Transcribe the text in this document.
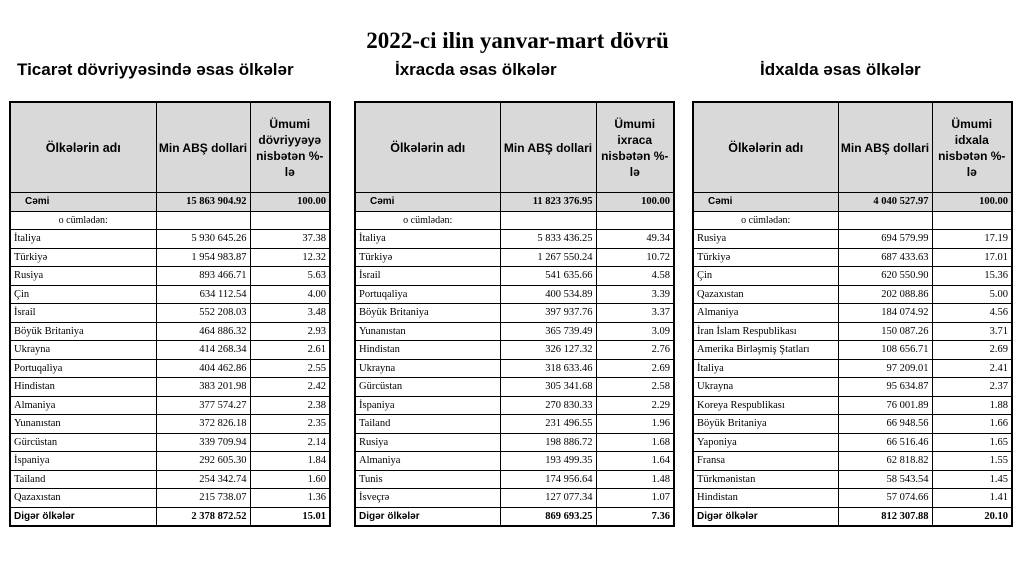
2022-ci ilin yanvar-mart dövrü
Ticarət dövriyyəsində əsas ölkələr	İxracda əsas ölkələr	İdxalda əsas ölkələr
Ölkələrin adı	Min ABŞ dollarі	Ümumi dövriyyəyə nisbətən %-lə
Cəmi	15 863 904.92	100.00
o cümlədən:		
İtaliya	5 930 645.26	37.38
Türkiyə	1 954 983.87	12.32
Rusiya	893 466.71	5.63
Çin	634 112.54	4.00
İsrail	552 208.03	3.48
Böyük Britaniya	464 886.32	2.93
Ukrayna	414 268.34	2.61
Portuqaliya	404 462.86	2.55
Hindistan	383 201.98	2.42
Almaniya	377 574.27	2.38
Yunanıstan	372 826.18	2.35
Gürcüstan	339 709.94	2.14
İspaniya	292 605.30	1.84
Tailand	254 342.74	1.60
Qazaxıstan	215 738.07	1.36
Digər ölkələr	2 378 872.52	15.01
Ölkələrin adı	Min ABŞ dollarі	Ümumi ixraca nisbətən %-lə
Cəmi	11 823 376.95	100.00
o cümlədən:		
İtaliya	5 833 436.25	49.34
Türkiyə	1 267 550.24	10.72
İsrail	541 635.66	4.58
Portuqaliya	400 534.89	3.39
Böyük Britaniya	397 937.76	3.37
Yunanıstan	365 739.49	3.09
Hindistan	326 127.32	2.76
Ukrayna	318 633.46	2.69
Gürcüstan	305 341.68	2.58
İspaniya	270 830.33	2.29
Tailand	231 496.55	1.96
Rusiya	198 886.72	1.68
Almaniya	193 499.35	1.64
Tunis	174 956.64	1.48
İsveçrə	127 077.34	1.07
Digər ölkələr	869 693.25	7.36
Ölkələrin adı	Min ABŞ dollarі	Ümumi idxala nisbətən %-lə
Cəmi	4 040 527.97	100.00
o cümlədən:		
Rusiya	694 579.99	17.19
Türkiyə	687 433.63	17.01
Çin	620 550.90	15.36
Qazaxıstan	202 088.86	5.00
Almaniya	184 074.92	4.56
İran İslam Respublikası	150 087.26	3.71
Amerika Birləşmiş Ştatları	108 656.71	2.69
İtaliya	97 209.01	2.41
Ukrayna	95 634.87	2.37
Koreya Respublikası	76 001.89	1.88
Böyük Britaniya	66 948.56	1.66
Yaponiya	66 516.46	1.65
Fransa	62 818.82	1.55
Türkmənistan	58 543.54	1.45
Hindistan	57 074.66	1.41
Digər ölkələr	812 307.88	20.10
